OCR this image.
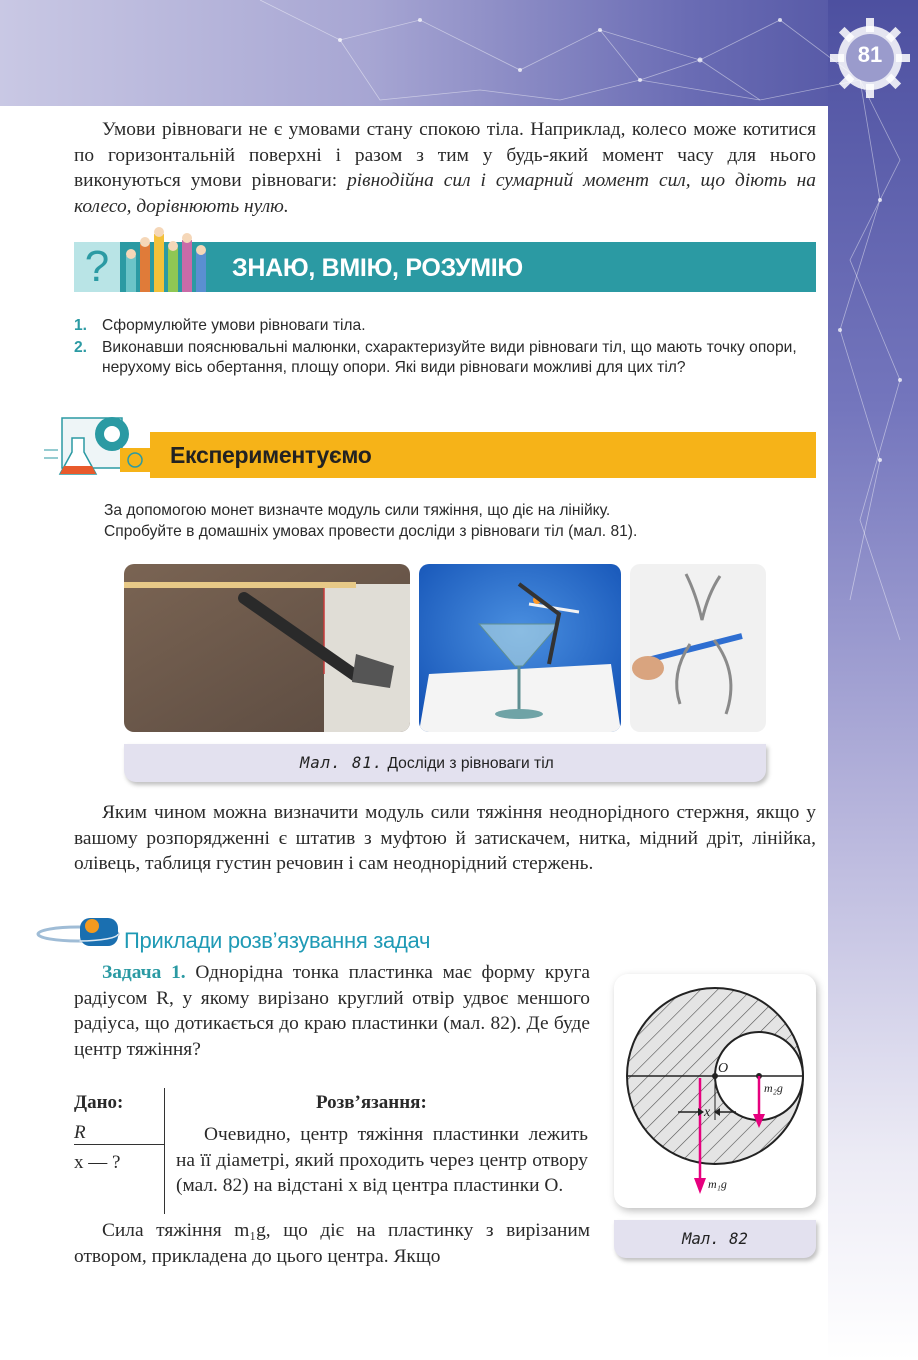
81

Умови рівноваги не є умовами стану спокою тіла. Наприклад, колесо може котитися по горизонтальній поверхні і разом з тим у будь-який момент часу для нього виконуються умови рівноваги: рівнодійна сил і сумарний момент сил, що діють на колесо, дорівнюють нулю.

?	ЗНАЮ, ВМІЮ, РОЗУМІЮ
1. Сформулюйте умови рівноваги тіла.
2. Виконавши пояснювальні малюнки, схарактеризуйте види рівноваги тіл, що мають точку опори, нерухому вісь обертання, площу опори. Які види рівноваги можливі для цих тіл?
Експериментуємо

За допомогою монет визначте модуль сили тяжіння, що діє на лінійку.
Спробуйте в домашніх умовах провести досліди з рівноваги тіл (мал. 81).

Мал. 81. Досліди з рівноваги тіл

Яким чином можна визначити модуль сили тяжіння неоднорідного стержня, якщо у вашому розпорядженні є штатив з муфтою й затискачем, нитка, мідний дріт, лінійка, олівець, таблиця густин речовин і сам неоднорідний стержень.

Приклади розв’язування задач

Задача 1. Однорідна тонка пластинка має форму круга радіусом R, у якому вирізано круглий отвір удвоє меншого радіуса, що дотикається до краю пластинки (мал. 82). Де буде центр тяжіння?

Дано:
R
x — ?
Розв’язання:

Очевидно, центр тяжіння пластинки лежить на її діаметрі, який проходить через центр отвору (мал. 82) на відстані x від центра пластинки O.

Сила тяжіння m₁g, що діє на пластинку з вирізаним отвором, прикладена до цього центра. Якщо

O
m₂g⃗
m₁g⃗
x
Мал. 82
